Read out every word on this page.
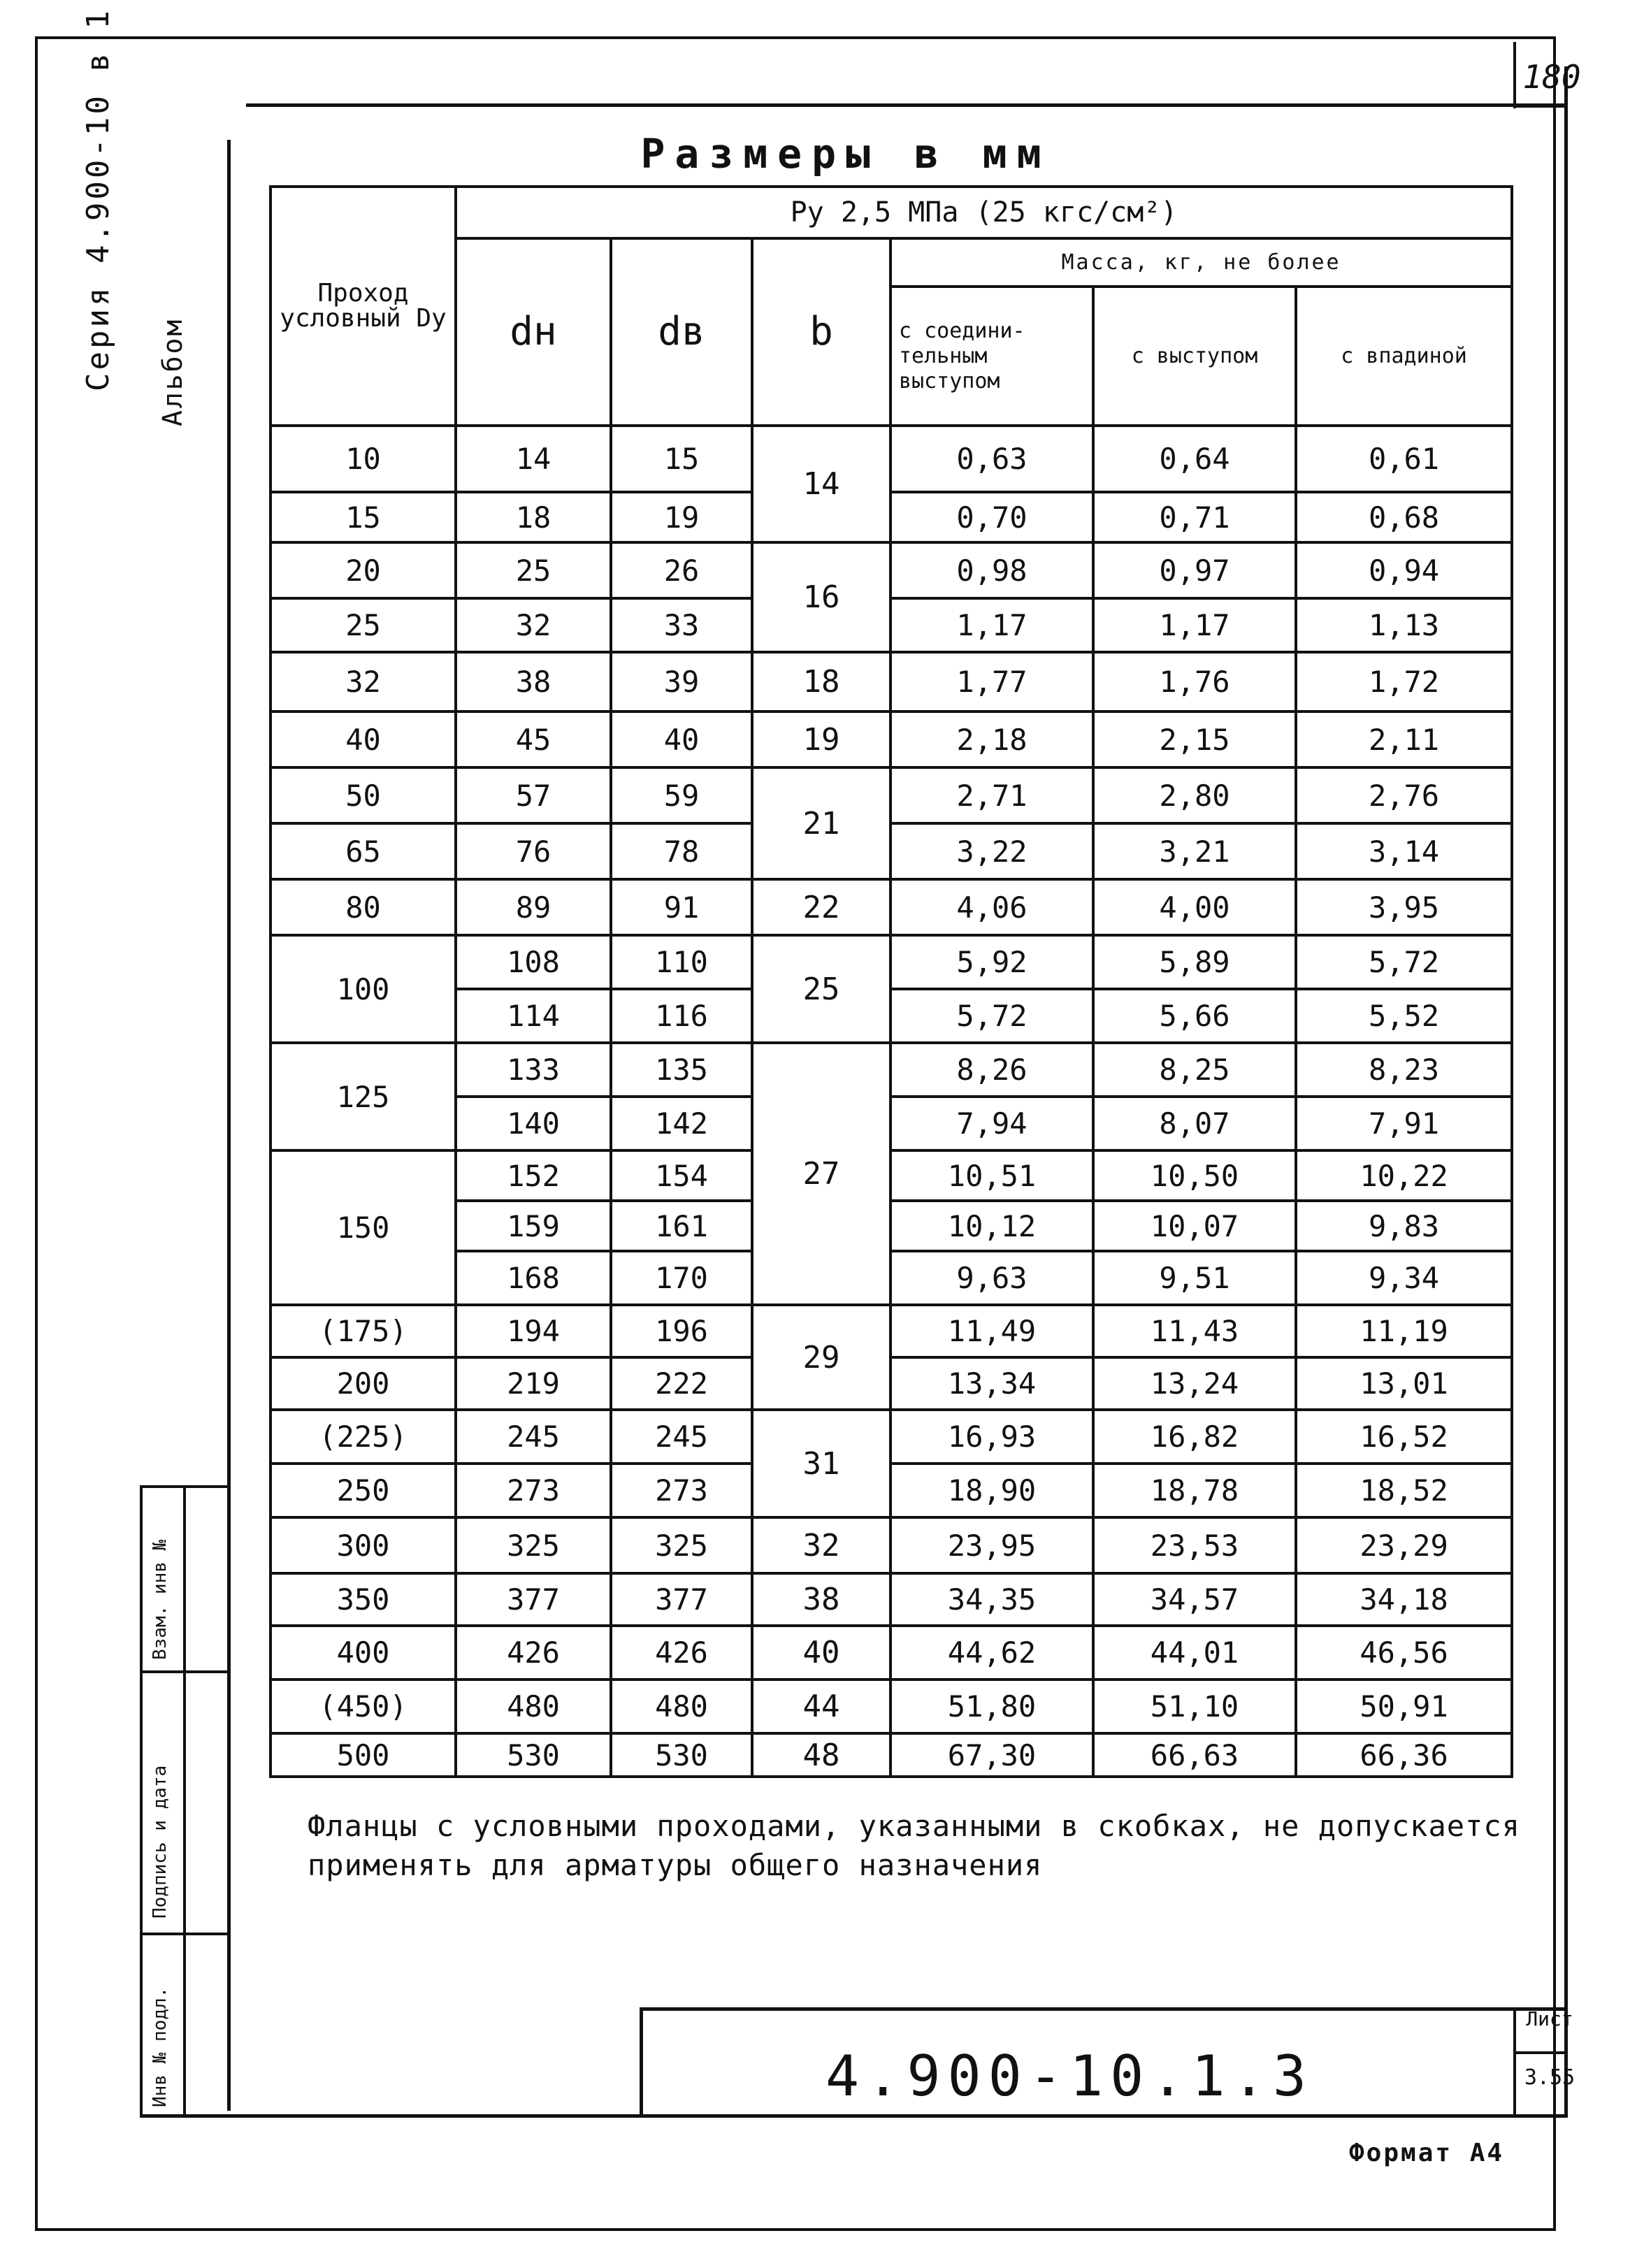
180
Размеры в мм
Серия 4.900-10 в 1 Альбом
Взам. инв №
Подпись и дата
Инв № подл.
Проход условный Dу	Ру 2,5 МПа (25 кгс/см²)					
	dн	dв	b	Масса, кг, не более		
				с соедини-тельным выступом	с выступом	с впадиной
10	14	15	14	0,63	0,64	0,61
15	18	19		0,70	0,71	0,68
20	25	26	16	0,98	0,97	0,94
25	32	33		1,17	1,17	1,13
32	38	39	18	1,77	1,76	1,72
40	45	40	19	2,18	2,15	2,11
50	57	59	21	2,71	2,80	2,76
65	76	78		3,22	3,21	3,14
80	89	91	22	4,06	4,00	3,95
100	108	110	25	5,92	5,89	5,72
	114	116		5,72	5,66	5,52
125	133	135	27	8,26	8,25	8,23
	140	142		7,94	8,07	7,91
150	152	154		10,51	10,50	10,22
	159	161		10,12	10,07	9,83
	168	170		9,63	9,51	9,34
(175)	194	196	29	11,49	11,43	11,19
200	219	222		13,34	13,24	13,01
(225)	245	245	31	16,93	16,82	16,52
250	273	273		18,90	18,78	18,52
300	325	325	32	23,95	23,53	23,29
350	377	377	38	34,35	34,57	34,18
400	426	426	40	44,62	44,01	46,56
(450)	480	480	44	51,80	51,10	50,91
500	530	530	48	67,30	66,63	66,36
Фланцы с условными проходами, указанными в скобках, не допускается применять для арматуры общего назначения
4.900-10.1.3
Лист
3.55
Формат А4
